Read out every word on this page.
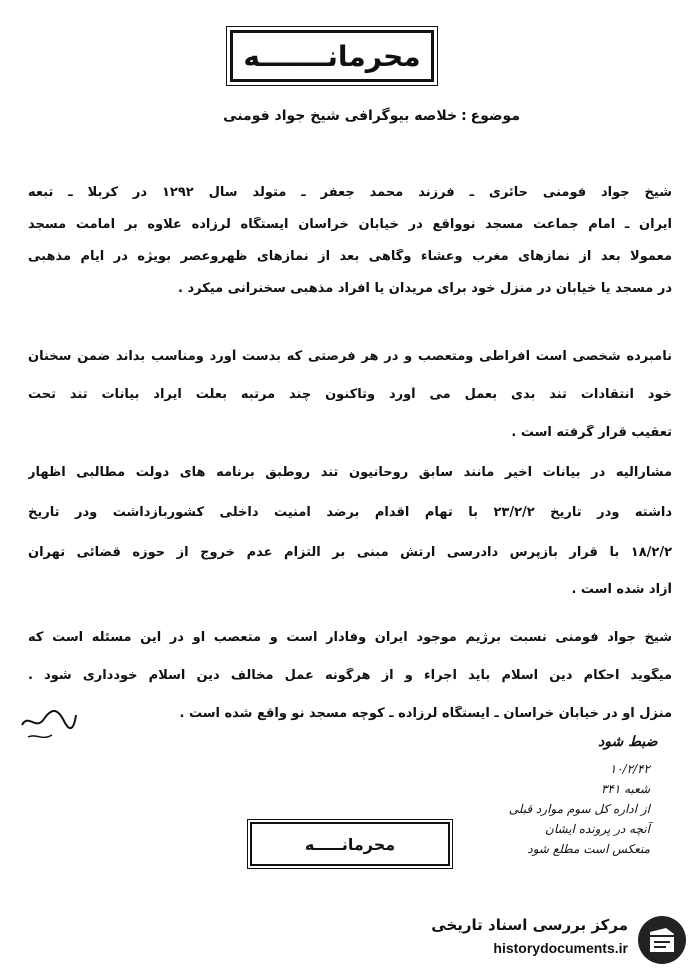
محرمانـــــــه
موضوع:خلاصه بیوگرافی شیخ جواد فومنی
شیخ جواد فومنی حائری ـ فرزند محمد جعفر ـ متولد سال ۱۲۹۲ در کربلا ـ تبعه
ایران ـ امام جماعت مسجد نوواقع در خیابان خراسان ایستگاه لرزاده علاوه بر امامت مسجد
معمولا بعد از نمازهای مغرب وعشاء وگاهی بعد از نمازهای ظهروعصر بویژه در ایام مذهبی
در مسجد یا خیابان در منزل خود برای مریدان یا افراد مذهبی سخنرانی میکرد .
نامبرده شخصی است افراطی ومتعصب و در هر فرصتی که بدست آورد ومناسب بداند ضمن سخنان
خود انتقادات تند بدی بعمل می آورد وتاکنون چند مرتبه بعلت ایراد بیانات تند تحت
تعقیب قرار گرفته است .
مشارالیه در بیانات اخیر مانند سابق روحانیون تند روطبق برنامه های دولت مطالبی اظهار
داشته ودر تاریخ ۲۳/۲/۲ با تهام اقدام برضد امنیت داخلی کشوربازداشت ودر تاریخ
۱۸/۲/۲ با قرار بازپرس دادرسی ارتش مبنی بر التزام عدم خروج از حوزه قضائی تهران
آزاد شده است .
شیخ جواد فومنی نسبت برژیم موجود ایران وفادار است و متعصب او در این مسئله است که
میگوید احکام دین اسلام باید اجراء و از هرگونه عمل مخالف دین اسلام خودداری شود .
منزل او در خیابان خراسان ـ ایستگاه لرزاده ـ کوچه مسجد نو واقع شده است .
ضبط شود
۱۰/۲/۴۲
شعبه ۳۴۱
از اداره کل سوم موارد قبلی
آنچه در پرونده ایشان
منعکس است مطلع شود
محرمانـــــه
مرکز بررسی اسناد تاریخی
historydocuments.ir
